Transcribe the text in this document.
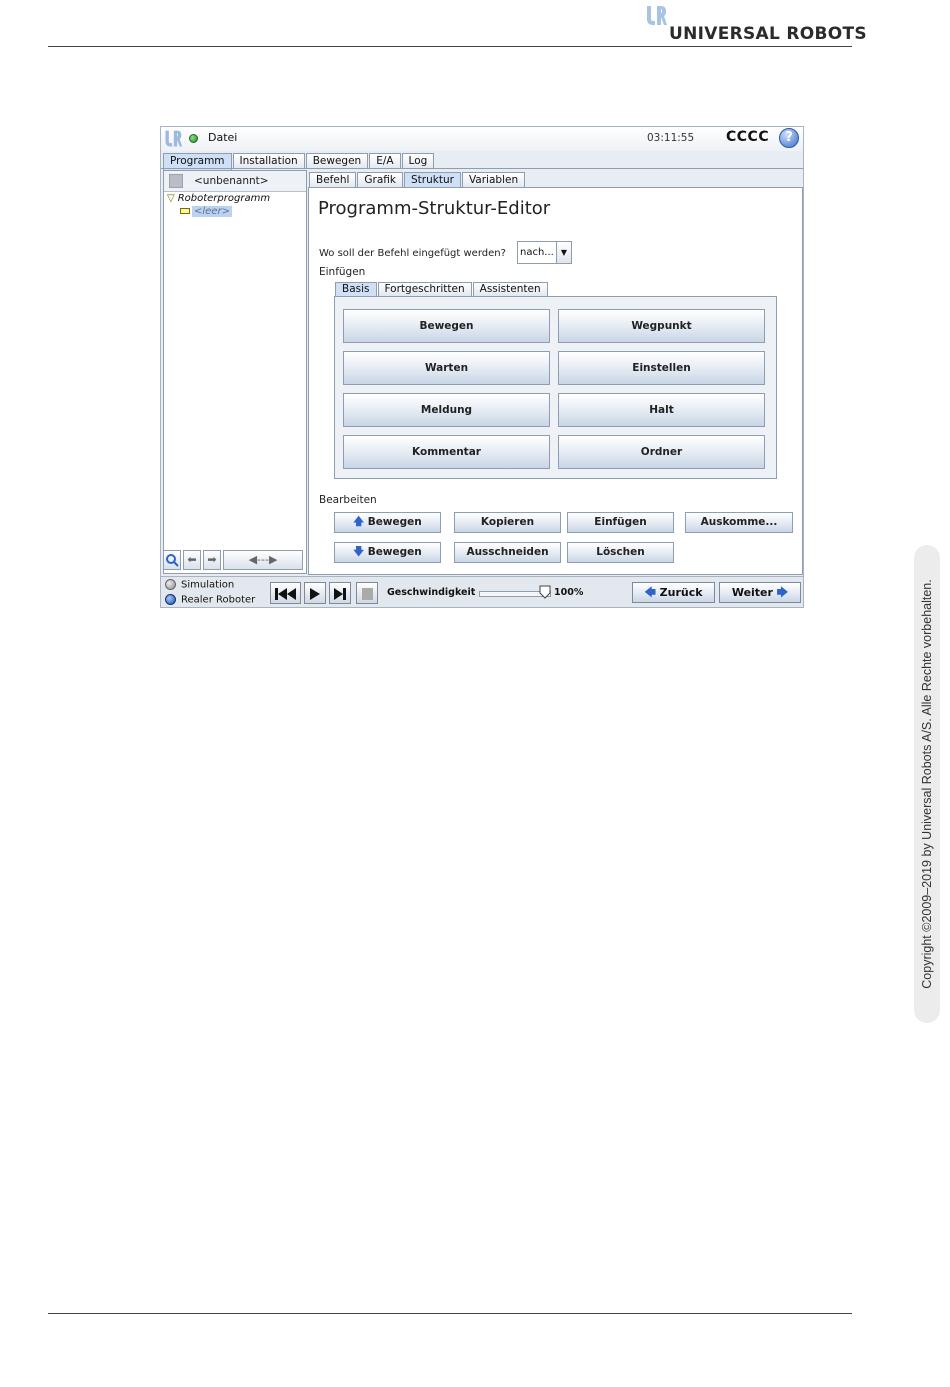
UNIVERSAL ROBOTS
Copyright ©2009–2019 by Universal Robots A/S. Alle Rechte vorbehalten.
Datei	03:11:55 CCCC	?
Programm	Installation	Bewegen	E/A	Log
<unbenannt>
▽ Roboterprogramm
<leer>
⬅ ➡	◀---▶
Befehl	Grafik	Struktur	Variablen
Programm-Struktur-Editor
Wo soll der Befehl eingefügt werden? nach... ▼
Einfügen
Basis	Fortgeschritten	Assistenten
Bewegen	Wegpunkt
Warten	Einstellen
Meldung	Halt
Kommentar	Ordner
Bearbeiten
🡅 Bewegen	Kopieren	Einfügen	Auskomme...
🡇 Bewegen	Ausschneiden	Löschen
Simulation
Realer Roboter
Geschwindigkeit	100%	🡄 Zurück	Weiter 🡆
